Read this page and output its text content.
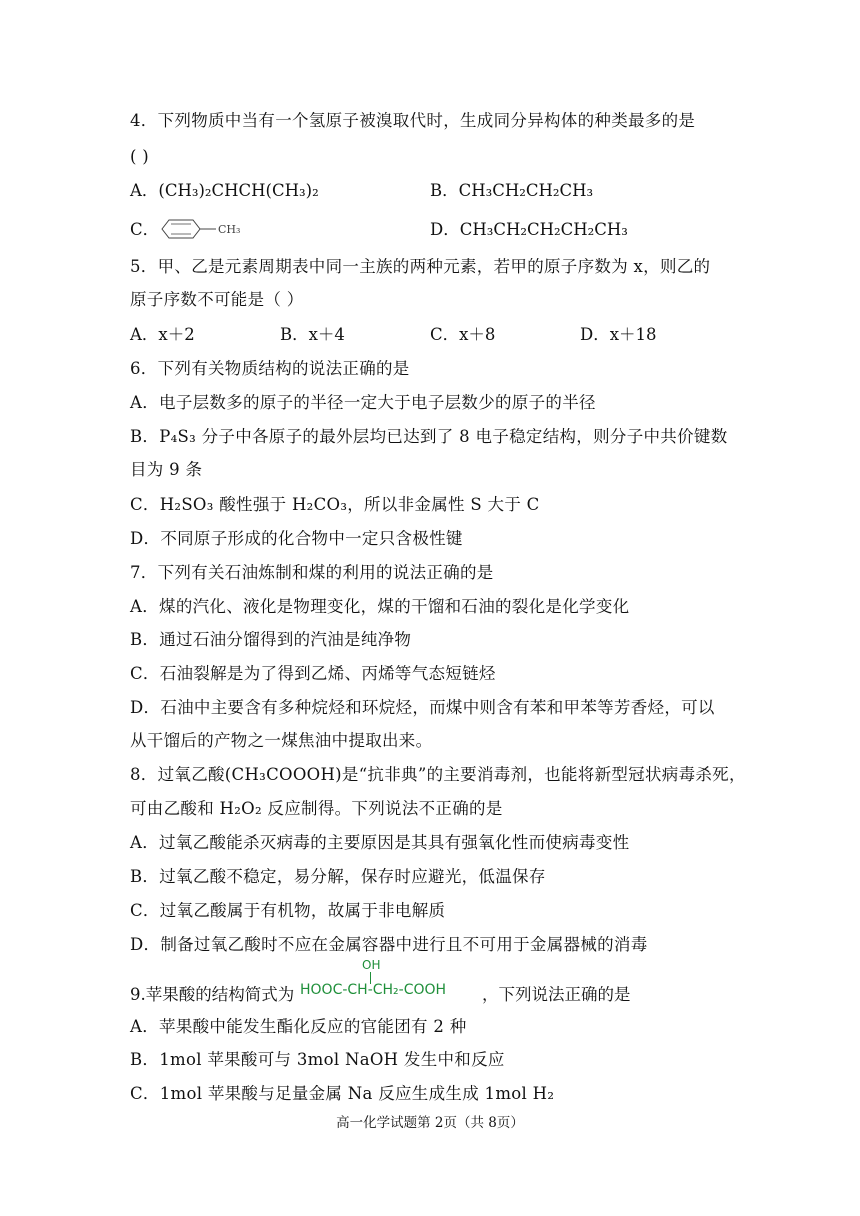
4．下列物质中当有一个氢原子被溴取代时，生成同分异构体的种类最多的是
( )
A．(CH₃)₂CHCH(CH₃)₂	B．CH₃CH₂CH₂CH₃
C．	CH₃	D．CH₃CH₂CH₂CH₂CH₃
5．甲、乙是元素周期表中同一主族的两种元素，若甲的原子序数为 x，则乙的
原子序数不可能是（ ）
A．x＋2	B．x＋4	C．x＋8	D．x＋18
6．下列有关物质结构的说法正确的是
A．电子层数多的原子的半径一定大于电子层数少的原子的半径
B．P₄S₃ 分子中各原子的最外层均已达到了 8 电子稳定结构，则分子中共价键数
目为 9 条
C．H₂SO₃ 酸性强于 H₂CO₃，所以非金属性 S 大于 C
D．不同原子形成的化合物中一定只含极性键
7．下列有关石油炼制和煤的利用的说法正确的是
A．煤的汽化、液化是物理变化，煤的干馏和石油的裂化是化学变化
B．通过石油分馏得到的汽油是纯净物
C．石油裂解是为了得到乙烯、丙烯等气态短链烃
D．石油中主要含有多种烷烃和环烷烃，而煤中则含有苯和甲苯等芳香烃，可以
从干馏后的产物之一煤焦油中提取出来。
8．过氧乙酸(CH₃COOOH)是“抗非典”的主要消毒剂，也能将新型冠状病毒杀死，
可由乙酸和 H₂O₂ 反应制得。下列说法不正确的是
A．过氧乙酸能杀灭病毒的主要原因是其具有强氧化性而使病毒变性
B．过氧乙酸不稳定，易分解，保存时应避光，低温保存
C．过氧乙酸属于有机物，故属于非电解质
D．制备过氧乙酸时不应在金属容器中进行且不可用于金属器械的消毒
9.苹果酸的结构简式为
OH
HOOC-CH-CH₂-COOH ，下列说法正确的是
A．苹果酸中能发生酯化反应的官能团有 2 种
B．1mol 苹果酸可与 3mol NaOH 发生中和反应
C．1mol 苹果酸与足量金属 Na 反应生成生成 1mol H₂
高一化学试题第 2页（共 8页）
